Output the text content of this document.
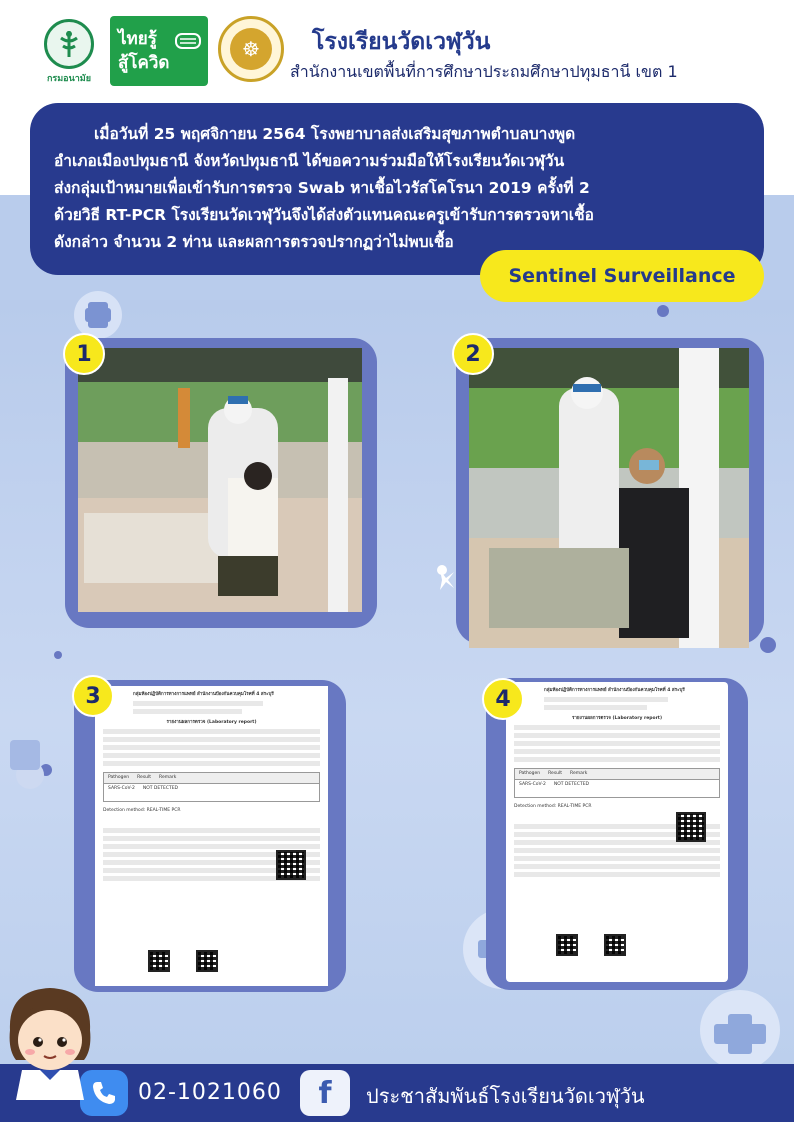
กรมอนามัย
ไทยรู้
สู้โควิด
☸	โรงเรียนวัดเวฬุวัน
สำนักงานเขตพื้นที่การศึกษาประถมศึกษาปทุมธานี เขต 1

เมื่อวันที่ 25 พฤศจิกายน 2564 โรงพยาบาลส่งเสริมสุขภาพตำบลบางพูด

อำเภอเมืองปทุมธานี จังหวัดปทุมธานี ได้ขอความร่วมมือให้โรงเรียนวัดเวฬุวัน

ส่งกลุ่มเป้าหมายเพื่อเข้ารับการตรวจ Swab หาเชื้อไวรัสโคโรนา 2019 ครั้งที่ 2

ด้วยวิธี RT-PCR โรงเรียนวัดเวฬุวันจึงได้ส่งตัวแทนคณะครูเข้ารับการตรวจหาเชื้อ

ดังกล่าว จำนวน 2 ท่าน และผลการตรวจปรากฏว่าไม่พบเชื้อ

Sentinel Surveillance
1	2
กลุ่มห้องปฏิบัติการทางการแพทย์ สำนักงานป้องกันควบคุมโรคที่ 4 สระบุรี
รายงานผลการตรวจ (Laboratory report)
Pathogen Result Remark
SARS-CoV-2 NOT DETECTED
Detection method: REAL-TIME PCR
3	กลุ่มห้องปฏิบัติการทางการแพทย์ สำนักงานป้องกันควบคุมโรคที่ 4 สระบุรี
รายงานผลการตรวจ (Laboratory report)
Pathogen Result Remark
SARS-CoV-2 NOT DETECTED
Detection method: REAL-TIME PCR
4
02-1021060	f	ประชาสัมพันธ์โรงเรียนวัดเวฬุวัน
